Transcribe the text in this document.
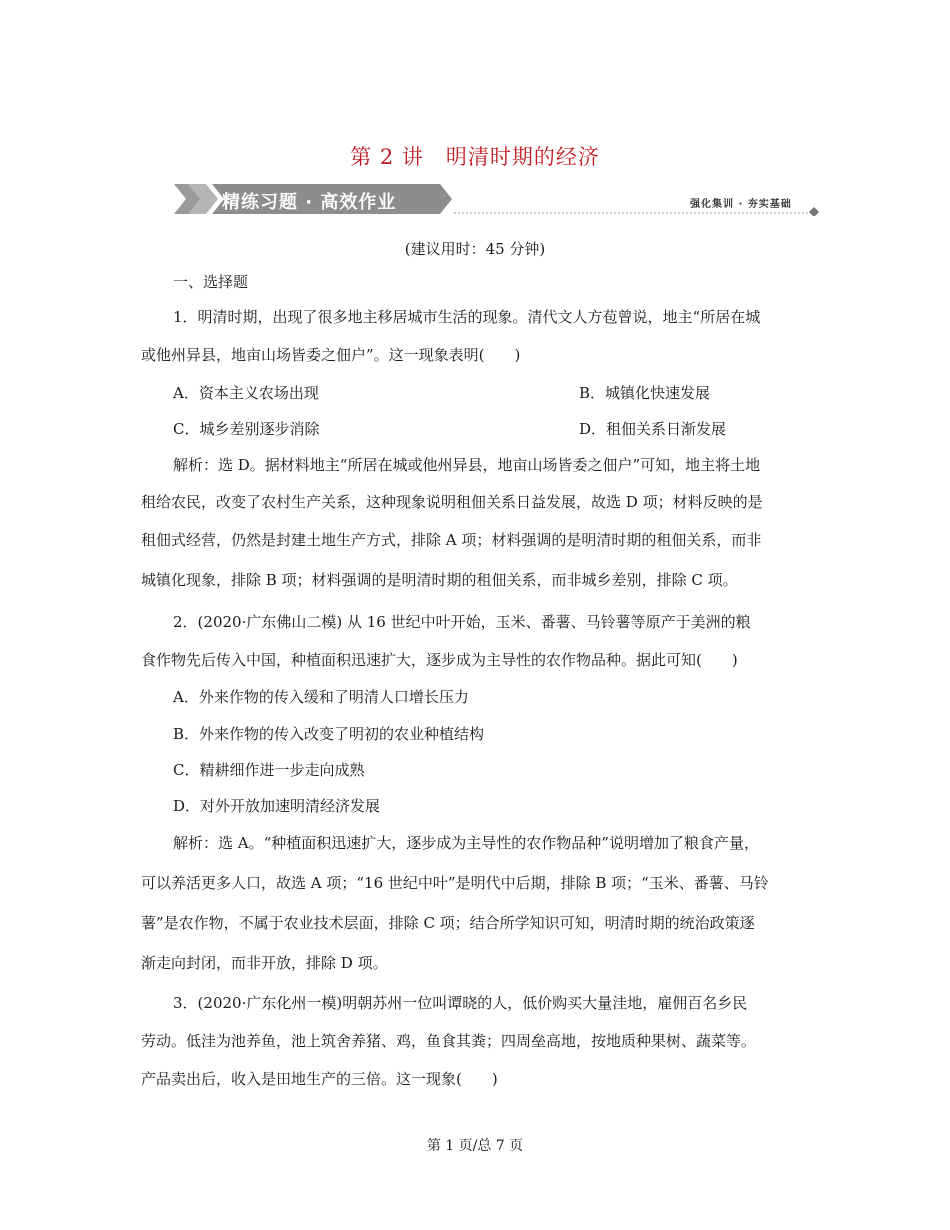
第 2 讲 明清时期的经济
精练习题 · 高效作业	强化集训 · 夯实基础
(建议用时：45 分钟)
一、选择题
1．明清时期，出现了很多地主移居城市生活的现象。清代文人方苞曾说，地主“所居在城
或他州异县，地亩山场皆委之佃户”。这一现象表明(　　)
A．资本主义农场出现	B．城镇化快速发展
C．城乡差别逐步消除	D．租佃关系日渐发展
解析：选 D。据材料地主“所居在城或他州异县，地亩山场皆委之佃户”可知，地主将土地
租给农民，改变了农村生产关系，这种现象说明租佃关系日益发展，故选 D 项；材料反映的是
租佃式经营，仍然是封建土地生产方式，排除 A 项；材料强调的是明清时期的租佃关系，而非
城镇化现象，排除 B 项；材料强调的是明清时期的租佃关系，而非城乡差别，排除 C 项。
2．(2020·广东佛山二模) 从 16 世纪中叶开始，玉米、番薯、马铃薯等原产于美洲的粮
食作物先后传入中国，种植面积迅速扩大，逐步成为主导性的农作物品种。据此可知(　　)
A．外来作物的传入缓和了明清人口增长压力
B．外来作物的传入改变了明初的农业种植结构
C．精耕细作进一步走向成熟
D．对外开放加速明清经济发展
解析：选 A。“种植面积迅速扩大，逐步成为主导性的农作物品种”说明增加了粮食产量，
可以养活更多人口，故选 A 项；“16 世纪中叶”是明代中后期，排除 B 项；“玉米、番薯、马铃
薯”是农作物，不属于农业技术层面，排除 C 项；结合所学知识可知，明清时期的统治政策逐
渐走向封闭，而非开放，排除 D 项。
3．(2020·广东化州一模)明朝苏州一位叫谭晓的人，低价购买大量洼地，雇佣百名乡民
劳动。低洼为池养鱼，池上筑舍养猪、鸡，鱼食其粪；四周垒高地，按地质种果树、蔬菜等。
产品卖出后，收入是田地生产的三倍。这一现象(　　)
第 1 页/总 7 页
